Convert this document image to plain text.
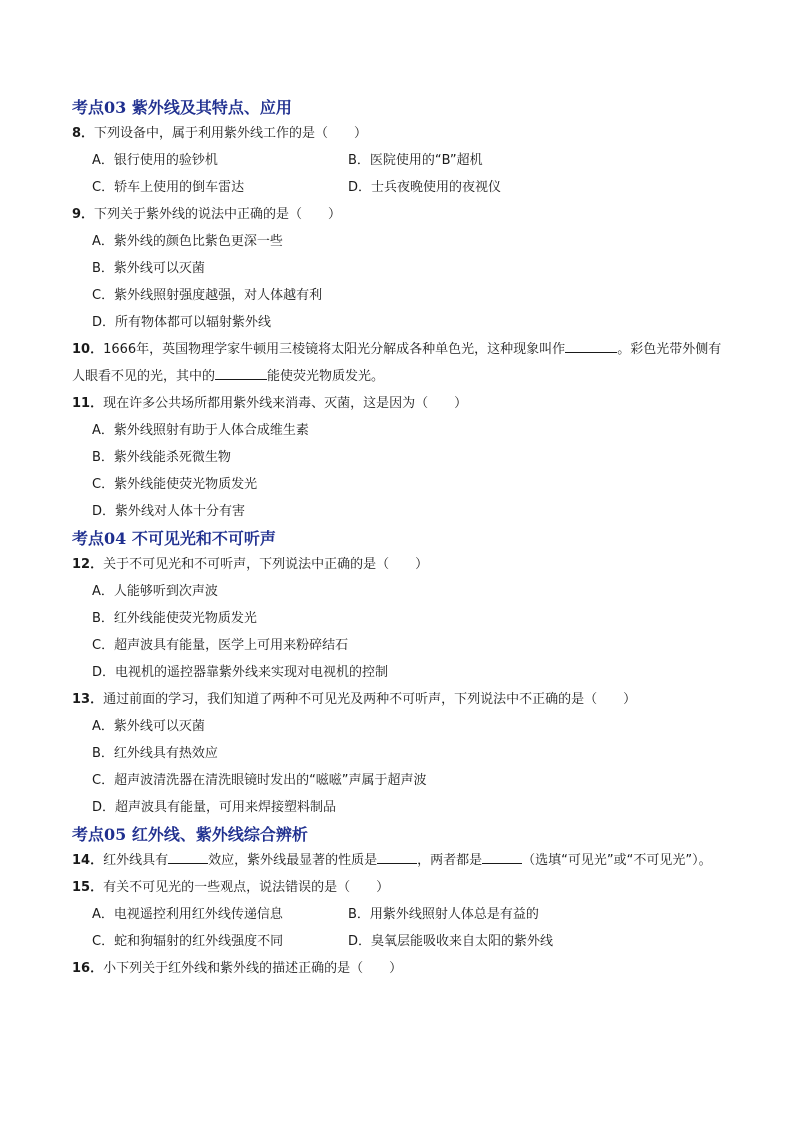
考点03 紫外线及其特点、应用
8．下列设备中，属于利用紫外线工作的是（　　）
A．银行使用的验钞机	B．医院使用的“B”超机
C．轿车上使用的倒车雷达	D．士兵夜晚使用的夜视仪
9．下列关于紫外线的说法中正确的是（　　）
A．紫外线的颜色比紫色更深一些
B．紫外线可以灭菌
C．紫外线照射强度越强，对人体越有利
D．所有物体都可以辐射紫外线
10．1666年，英国物理学家牛顿用三棱镜将太阳光分解成各种单色光，这种现象叫作	。彩色光带外侧有人眼看不见的光，其中的	能使荧光物质发光。
11．现在许多公共场所都用紫外线来消毒、灭菌，这是因为（　　）
A．紫外线照射有助于人体合成维生素
B．紫外线能杀死微生物
C．紫外线能使荧光物质发光
D．紫外线对人体十分有害
考点04 不可见光和不可听声
12．关于不可见光和不可听声，下列说法中正确的是（　　）
A．人能够听到次声波
B．红外线能使荧光物质发光
C．超声波具有能量，医学上可用来粉碎结石
D．电视机的遥控器靠紫外线来实现对电视机的控制
13．通过前面的学习，我们知道了两种不可见光及两种不可听声，下列说法中不正确的是（　　）
A．紫外线可以灭菌
B．红外线具有热效应
C．超声波清洗器在清洗眼镜时发出的“嗞嗞”声属于超声波
D．超声波具有能量，可用来焊接塑料制品
考点05 红外线、紫外线综合辨析
14．红外线具有	效应，紫外线最显著的性质是	，两者都是	（选填“可见光”或“不可见光”）。
15．有关不可见光的一些观点，说法错误的是（　　）
A．电视遥控利用红外线传递信息	B．用紫外线照射人体总是有益的
C．蛇和狗辐射的红外线强度不同	D．臭氧层能吸收来自太阳的紫外线
16．小下列关于红外线和紫外线的描述正确的是（　　）
